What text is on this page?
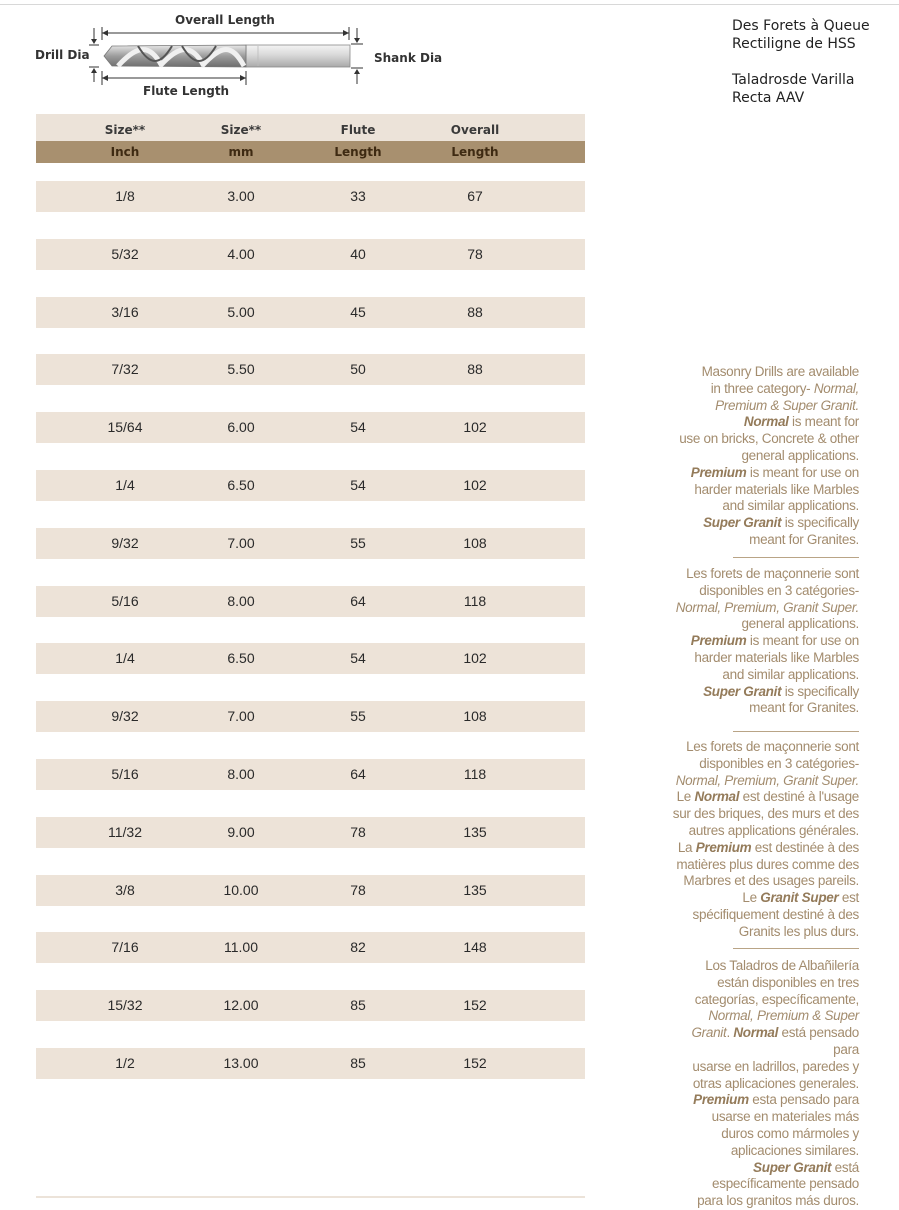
Overall Length
Drill Dia	Shank Dia
Flute Length
Des Forets à Queue
Rectiligne de HSS
Taladrosde Varilla
Recta AAV
Size**	Size**	Flute	Overall
Inch	mm	Length	Length
1/8	3.00	33	67
5/32	4.00	40	78
3/16	5.00	45	88
7/32	5.50	50	88
15/64	6.00	54	102
1/4	6.50	54	102
9/32	7.00	55	108
5/16	8.00	64	118
1/4	6.50	54	102
9/32	7.00	55	108
5/16	8.00	64	118
11/32	9.00	78	135
3/8	10.00	78	135
7/16	11.00	82	148
15/32	12.00	85	152
1/2	13.00	85	152
Masonry Drills are available
in three category- Normal,
Premium & Super Granit.
Normal is meant for
use on bricks, Concrete & other
general applications.
Premium is meant for use on
harder materials like Marbles
and similar applications.
Super Granit is specifically
meant for Granites.
Les forets de maçonnerie sont
disponibles en 3 catégories-
Normal, Premium, Granit Super.
general applications.
Premium is meant for use on
harder materials like Marbles
and similar applications.
Super Granit is specifically
meant for Granites.
Les forets de maçonnerie sont
disponibles en 3 catégories-
Normal, Premium, Granit Super.
Le Normal est destiné à l'usage
sur des briques, des murs et des
autres applications générales.
La Premium est destinée à des
matières plus dures comme des
Marbres et des usages pareils.
Le Granit Super est
spécifiquement destiné à des
Granits les plus durs.
Los Taladros de Albañilería
están disponibles en tres
categorías, específicamente,
Normal, Premium & Super
Granit. Normal está pensado para
usarse en ladrillos, paredes y
otras aplicaciones generales.
Premium esta pensado para
usarse en materiales más
duros como mármoles y
aplicaciones similares.
Super Granit está
específicamente pensado
para los granitos más duros.
